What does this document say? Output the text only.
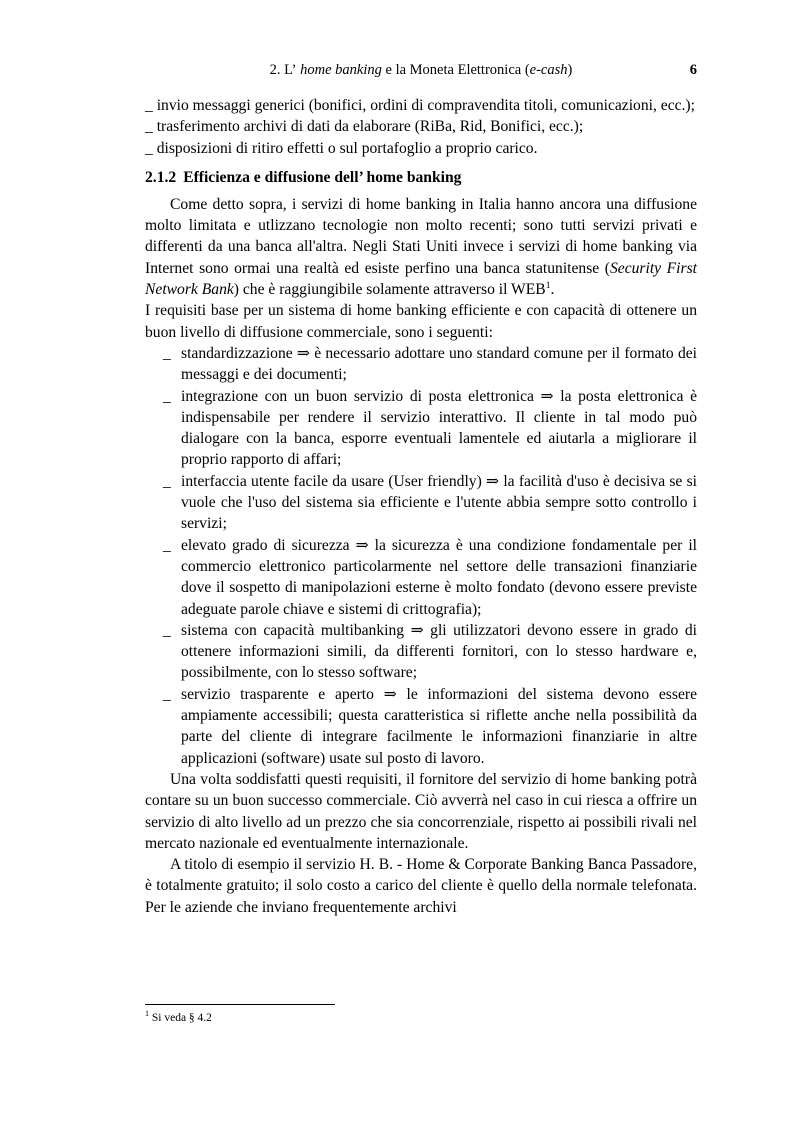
2. L’ home banking e la Moneta Elettronica (e-cash)	6

_ invio messaggi generici (bonifici, ordini di compravendita titoli, comunicazioni, ecc.);

_ trasferimento archivi di dati da elaborare (RiBa, Rid, Bonifici, ecc.);

_ disposizioni di ritiro effetti o sul portafoglio a proprio carico.

2.1.2 Efficienza e diffusione dell’ home banking

Come detto sopra, i servizi di home banking in Italia hanno ancora una diffusione molto limitata e utlizzano tecnologie non molto recenti; sono tutti servizi privati e differenti da una banca all'altra. Negli Stati Uniti invece i servizi di home banking via Internet sono ormai una realtà ed esiste perfino una banca statunitense (Security First Network Bank) che è raggiungibile solamente attraverso il WEB$^1$.

I requisiti base per un sistema di home banking efficiente e con capacità di ottenere un buon livello di diffusione commerciale, sono i seguenti:

_ standardizzazione ⇒ è necessario adottare uno standard comune per il formato dei messaggi e dei documenti;
_ integrazione con un buon servizio di posta elettronica ⇒ la posta elettronica è indispensabile per rendere il servizio interattivo. Il cliente in tal modo può dialogare con la banca, esporre eventuali lamentele ed aiutarla a migliorare il proprio rapporto di affari;
_ interfaccia utente facile da usare (User friendly) ⇒ la facilità d'uso è decisiva se si vuole che l'uso del sistema sia efficiente e l'utente abbia sempre sotto controllo i servizi;
_ elevato grado di sicurezza ⇒ la sicurezza è una condizione fondamentale per il commercio elettronico particolarmente nel settore delle transazioni finanziarie dove il sospetto di manipolazioni esterne è molto fondato (devono essere previste adeguate parole chiave e sistemi di crittografia);
_ sistema con capacità multibanking ⇒ gli utilizzatori devono essere in grado di ottenere informazioni simili, da differenti fornitori, con lo stesso hardware e, possibilmente, con lo stesso software;
_ servizio trasparente e aperto ⇒ le informazioni del sistema devono essere ampiamente accessibili; questa caratteristica si riflette anche nella possibilità da parte del cliente di integrare facilmente le informazioni finanziarie in altre applicazioni (software) usate sul posto di lavoro.

Una volta soddisfatti questi requisiti, il fornitore del servizio di home banking potrà contare su un buon successo commerciale. Ciò avverrà nel caso in cui riesca a offrire un servizio di alto livello ad un prezzo che sia concorrenziale, rispetto ai possibili rivali nel mercato nazionale ed eventualmente internazionale.

A titolo di esempio il servizio H. B. - Home & Corporate Banking Banca Passadore, è totalmente gratuito; il solo costo a carico del cliente è quello della normale telefonata. Per le aziende che inviano frequentemente archivi

$^1$ Si veda § 4.2
